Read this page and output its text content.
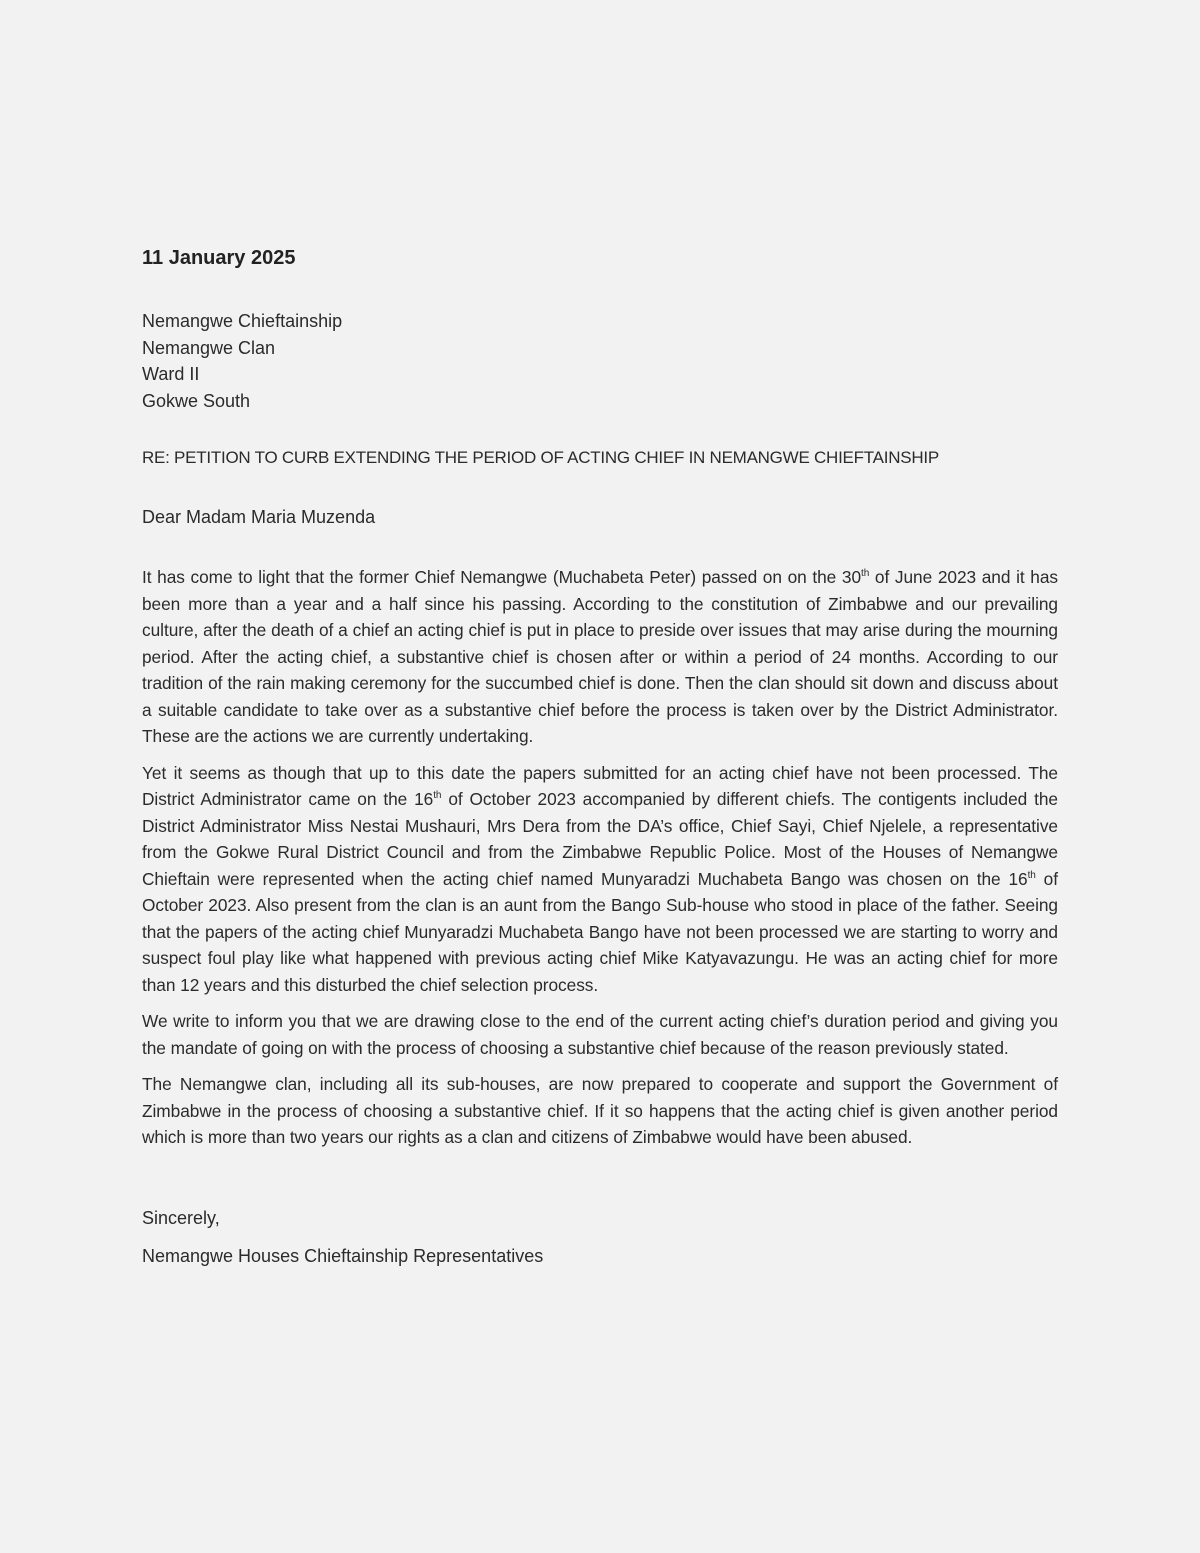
11 January 2025
Nemangwe Chieftainship
Nemangwe Clan
Ward II
Gokwe South
RE: PETITION TO CURB EXTENDING THE PERIOD OF ACTING CHIEF IN NEMANGWE CHIEFTAINSHIP
Dear Madam Maria Muzenda

It has come to light that the former Chief Nemangwe (Muchabeta Peter) passed on on the 30th of June 2023 and it has been more than a year and a half since his passing. According to the constitution of Zimbabwe and our prevailing culture, after the death of a chief an acting chief is put in place to preside over issues that may arise during the mourning period. After the acting chief, a substantive chief is chosen after or within a period of 24 months. According to our tradition of the rain making ceremony for the succumbed chief is done. Then the clan should sit down and discuss about a suitable candidate to take over as a substantive chief before the process is taken over by the District Administrator. These are the actions we are currently undertaking.

Yet it seems as though that up to this date the papers submitted for an acting chief have not been processed. The District Administrator came on the 16th of October 2023 accompanied by different chiefs. The contigents included the District Administrator Miss Nestai Mushauri, Mrs Dera from the DA’s office, Chief Sayi, Chief Njelele, a representative from the Gokwe Rural District Council and from the Zimbabwe Republic Police. Most of the Houses of Nemangwe Chieftain were represented when the acting chief named Munyaradzi Muchabeta Bango was chosen on the 16th of October 2023. Also present from the clan is an aunt from the Bango Sub-house who stood in place of the father. Seeing that the papers of the acting chief Munyaradzi Muchabeta Bango have not been processed we are starting to worry and suspect foul play like what happened with previous acting chief Mike Katyavazungu. He was an acting chief for more than 12 years and this disturbed the chief selection process.

We write to inform you that we are drawing close to the end of the current acting chief’s duration period and giving you the mandate of going on with the process of choosing a substantive chief because of the reason previously stated.

The Nemangwe clan, including all its sub-houses, are now prepared to cooperate and support the Government of Zimbabwe in the process of choosing a substantive chief. If it so happens that the acting chief is given another period which is more than two years our rights as a clan and citizens of Zimbabwe would have been abused.

Sincerely,
Nemangwe Houses Chieftainship Representatives
